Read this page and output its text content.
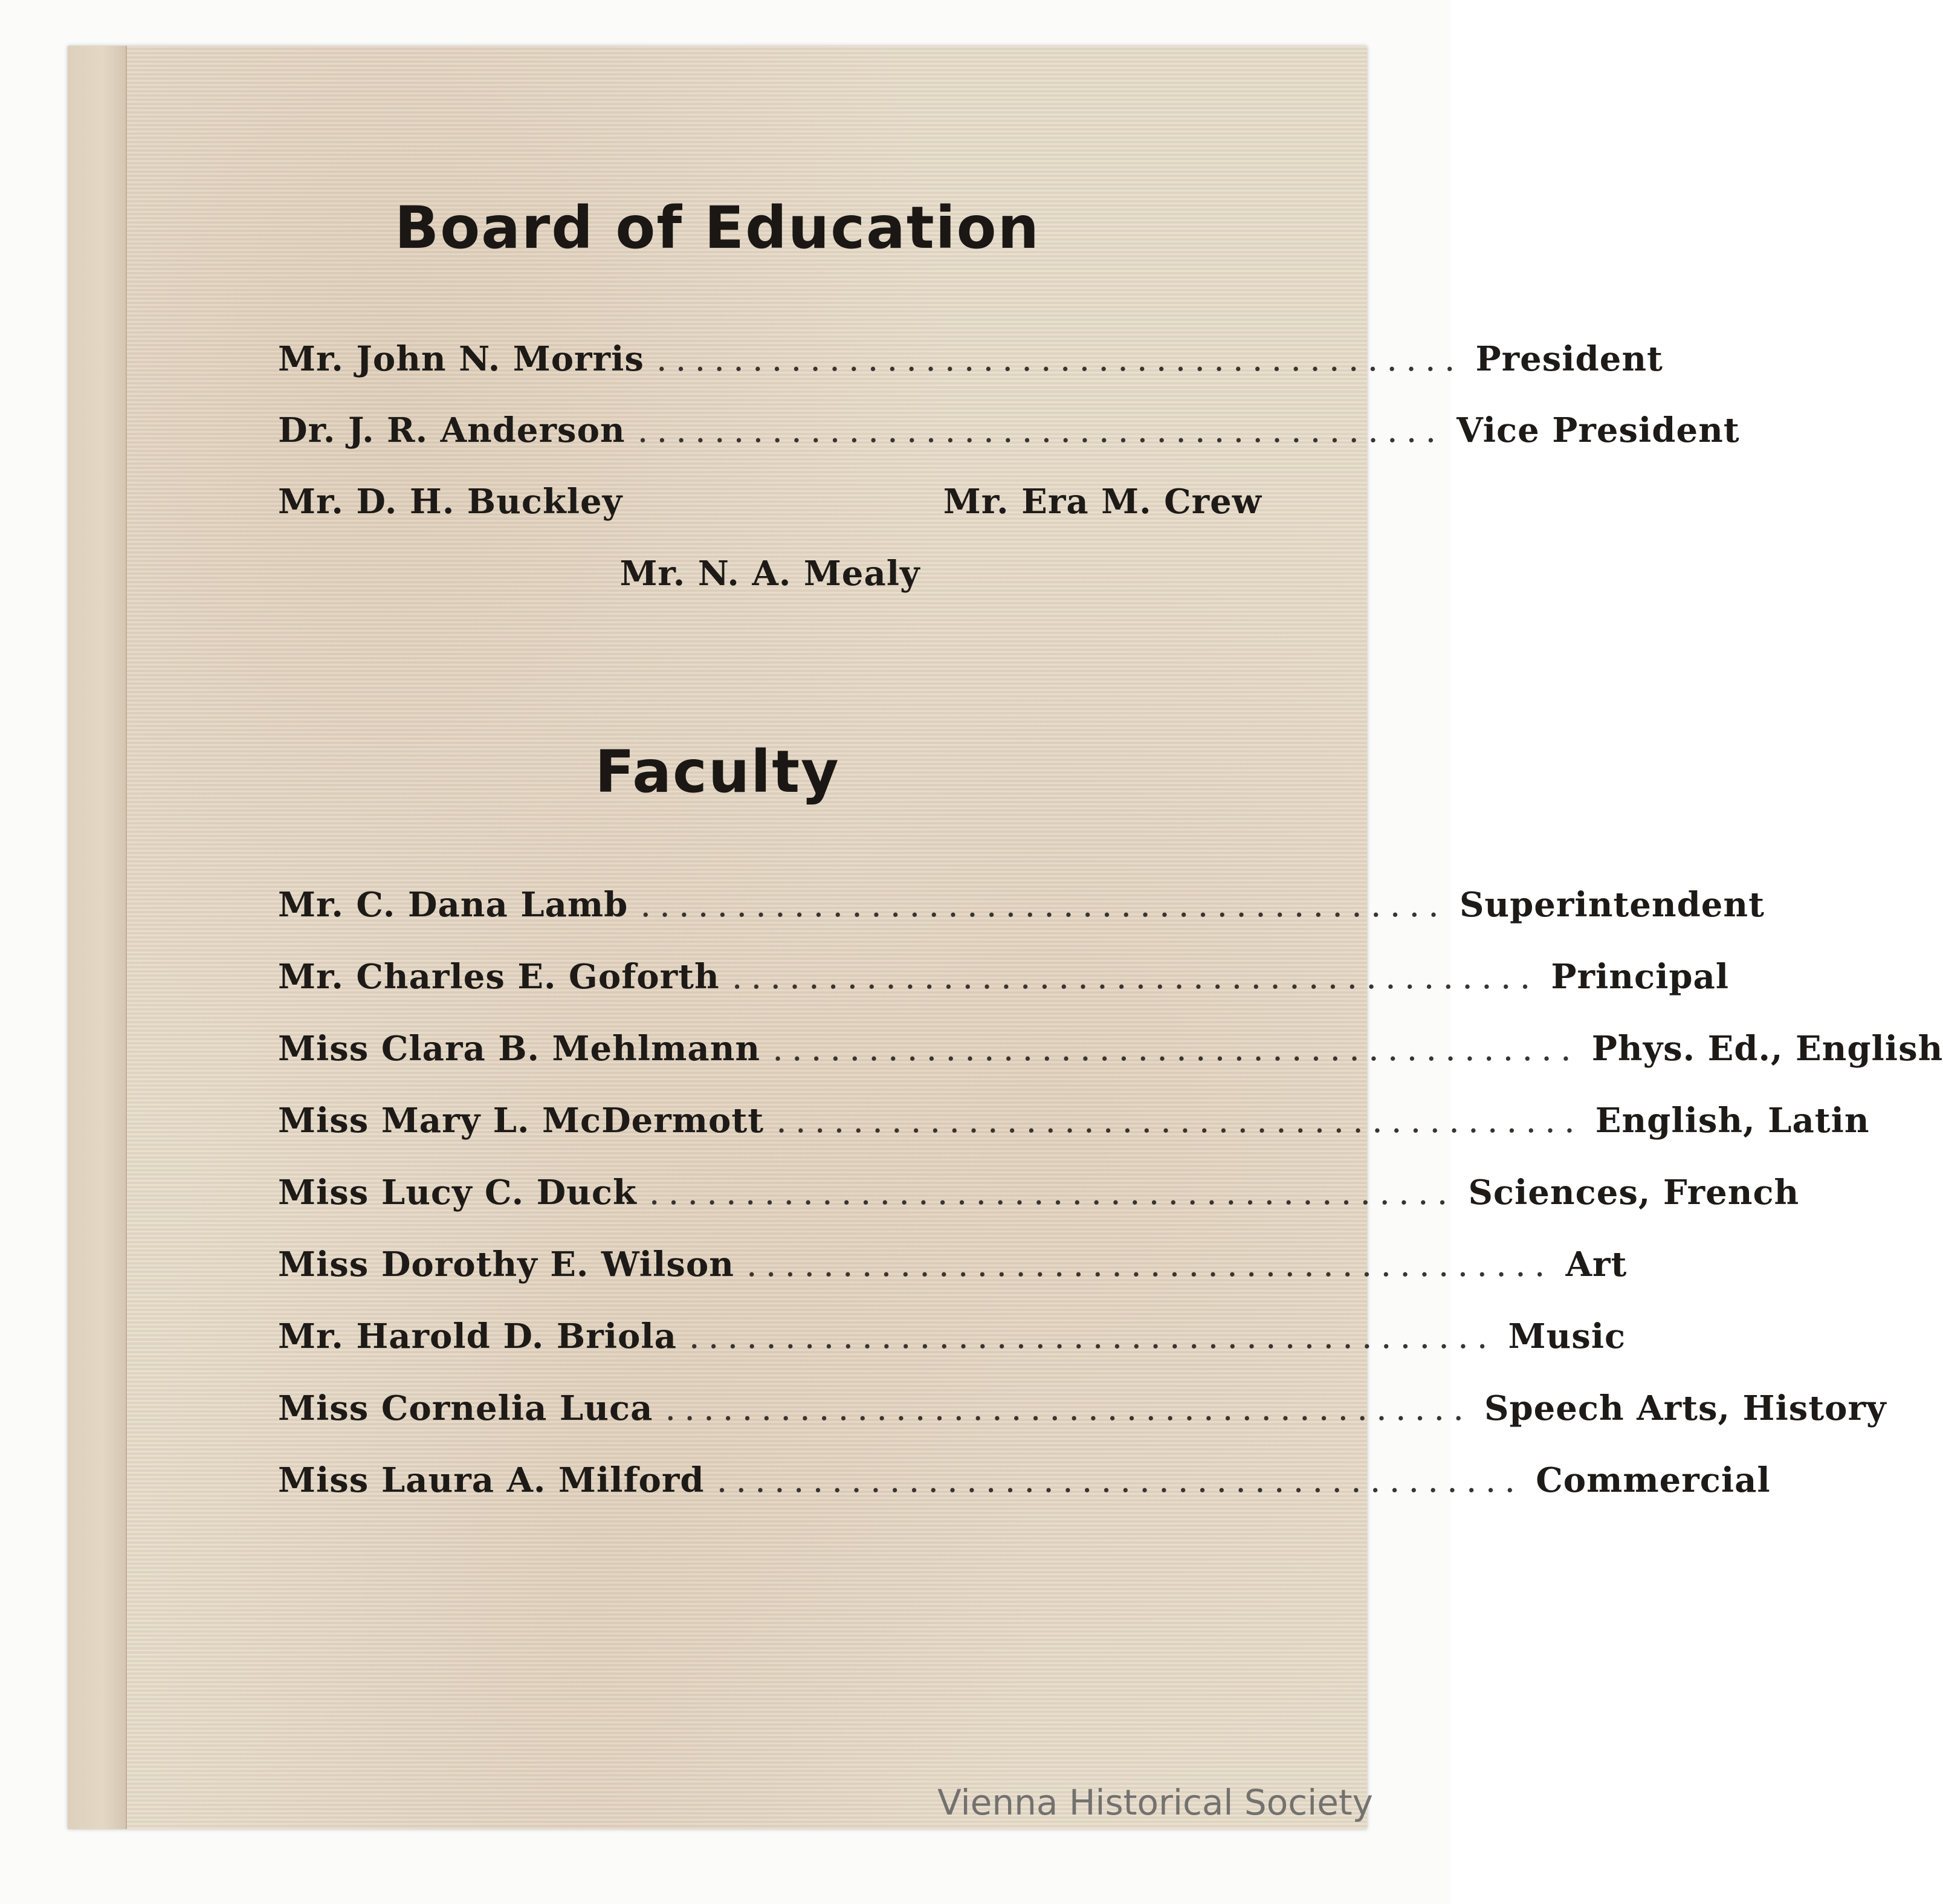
Board of Education
Mr. John N. Morris .......................................... President
Dr. J. R. Anderson .......................................... Vice President
Mr. D. H. Buckley	Mr. Era M. Crew
Mr. N. A. Mealy
Faculty
Mr. C. Dana Lamb .......................................... Superintendent
Mr. Charles E. Goforth .......................................... Principal
Miss Clara B. Mehlmann .......................................... Phys. Ed., English
Miss Mary L. McDermott .......................................... English, Latin
Miss Lucy C. Duck .......................................... Sciences, French
Miss Dorothy E. Wilson .......................................... Art
Mr. Harold D. Briola .......................................... Music
Miss Cornelia Luca .......................................... Speech Arts, History
Miss Laura A. Milford .......................................... Commercial
Vienna Historical Society
